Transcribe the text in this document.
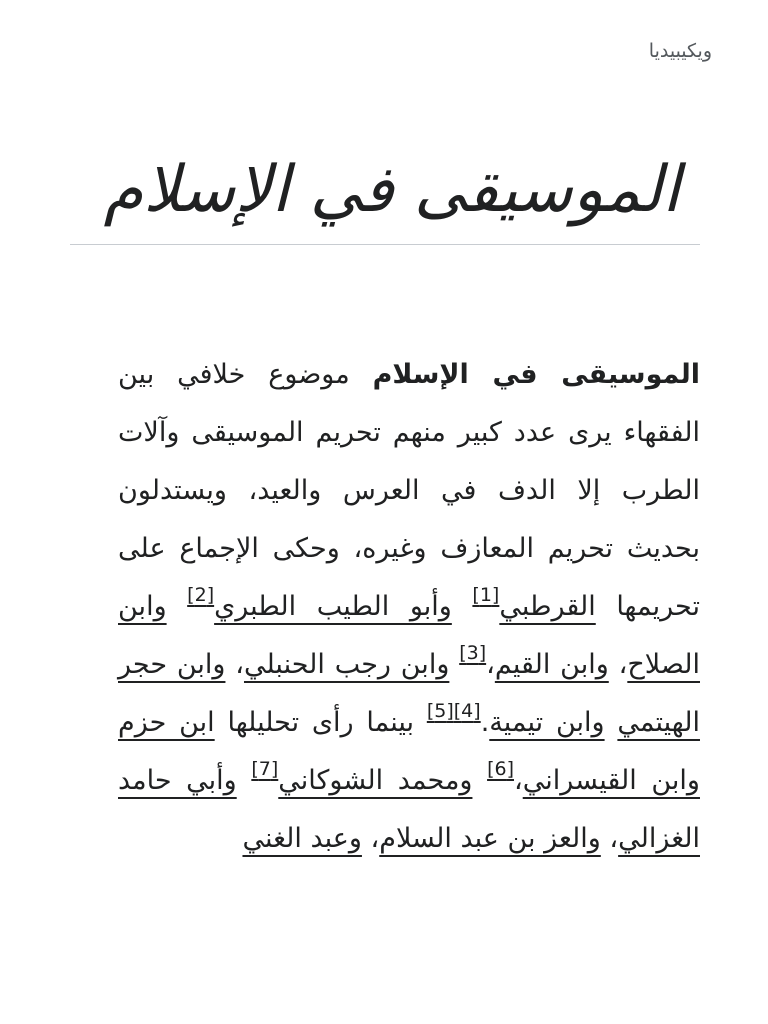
ويكيبيديا
الموسيقى في الإسلام

الموسيقى في الإسلام موضوع خلافي بين الفقهاء يرى عدد كبير منهم تحريم الموسيقى وآلات الطرب إلا الدف في العرس والعيد، ويستدلون بحديث تحريم المعازف وغيره، وحكى الإجماع على تحريمها القرطبي[1] وأبو الطيب الطبري[2] وابن الصلاح، وابن القيم،[3] وابن رجب الحنبلي، وابن حجر الهيتمي وابن تيمية.[4][5] بينما رأى تحليلها ابن حزم وابن القيسراني،[6] ومحمد الشوكاني[7] وأبي حامد الغزالي، والعز بن عبد السلام، وعبد الغني
